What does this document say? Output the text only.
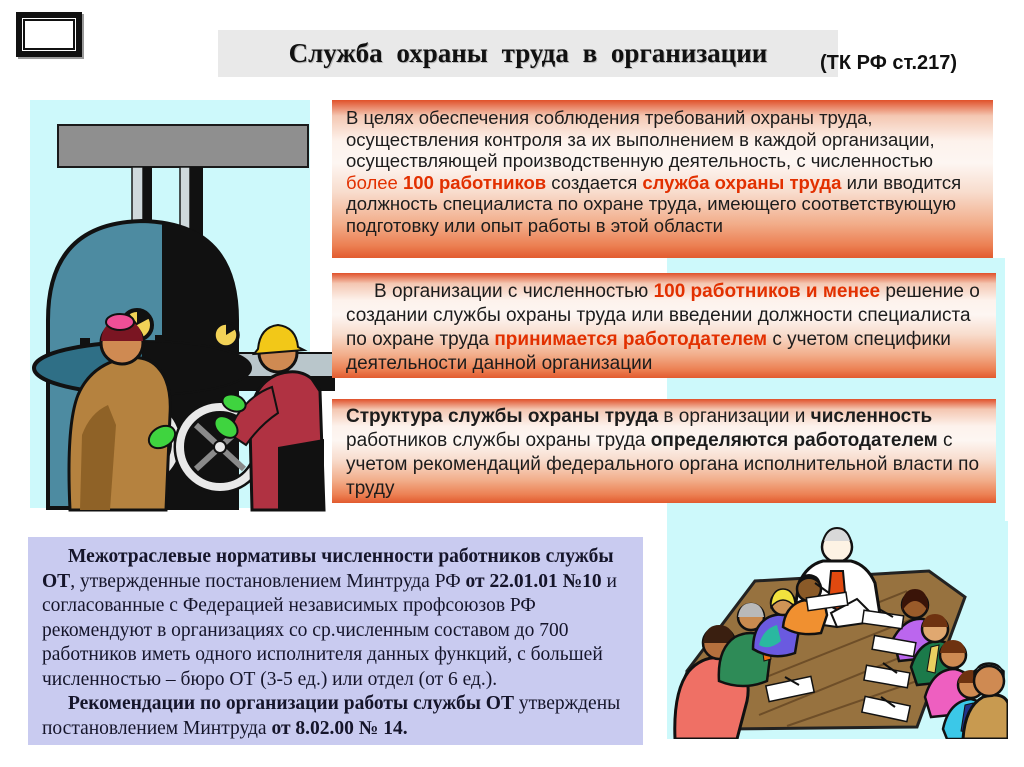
Служба охраны труда в организации	(ТК РФ ст.217)
В целях обеспечения соблюдения требований охраны труда, осуществления контроля за их выполнением в каждой организации, осуществляющей производственную деятельность, с численностью более 100 работников создается служба охраны труда или вводится должность специалиста по охране труда, имеющего соответствующую подготовку или опыт работы в этой области
В организации с численностью 100 работников и менее решение о создании службы охраны труда или введении должности специалиста по охране труда принимается работодателем с учетом специфики деятельности данной организации
Структура службы охраны труда в организации и численность работников службы охраны труда определяются работодателем с учетом рекомендаций федерального органа исполнительной власти по труду

Межотраслевые нормативы численности работников службы ОТ, утвержденные постановлением Минтруда РФ от 22.01.01 №10 и согласованные с Федерацией независимых профсоюзов РФ рекомендуют в организациях со ср.численным составом до 700 работников иметь одного исполнителя данных функций, с большей численностью – бюро ОТ (3-5 ед.) или отдел (от 6 ед.).

Рекомендации по организации работы службы ОТ утверждены постановлением Минтруда от 8.02.00 № 14.
